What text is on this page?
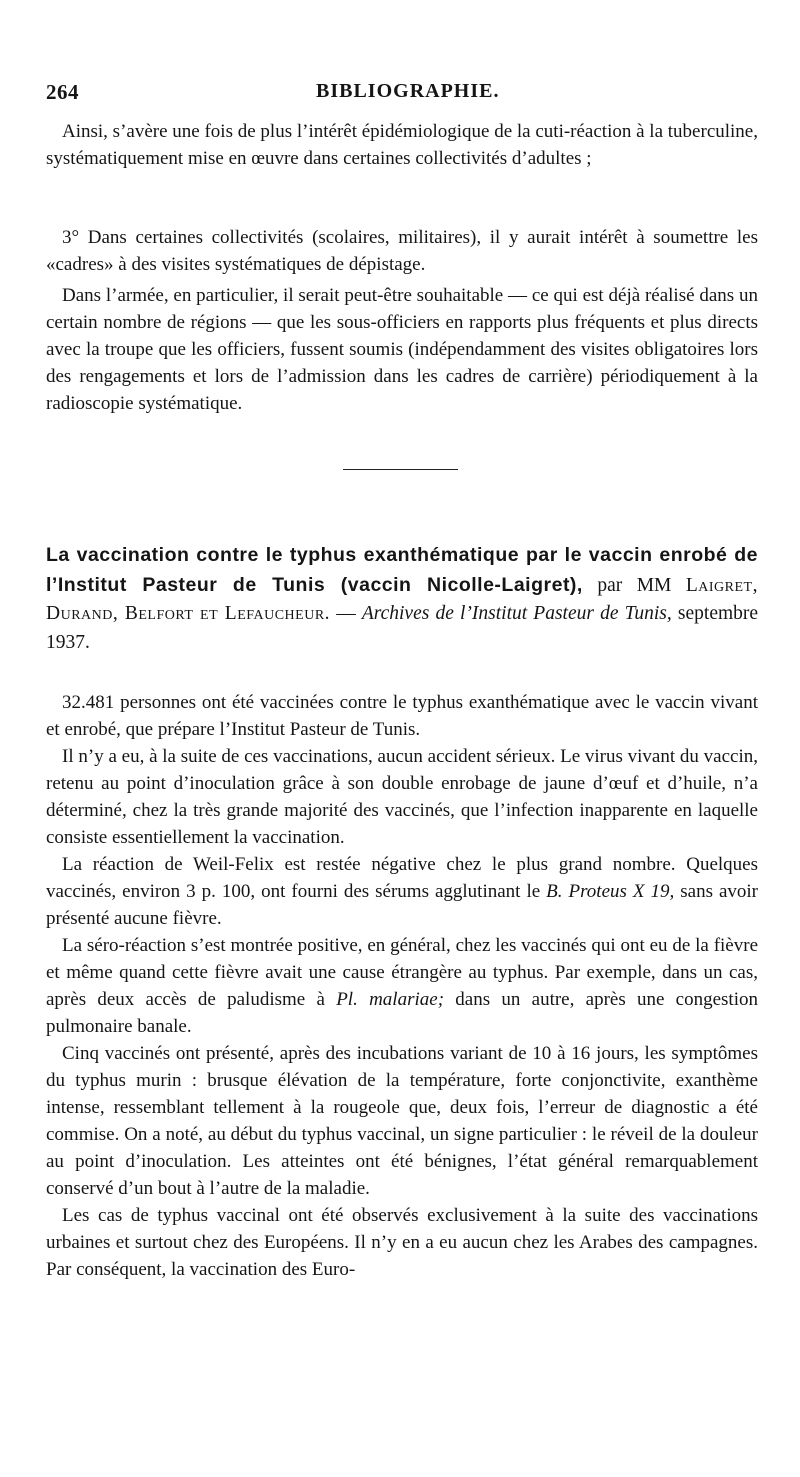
264	BIBLIOGRAPHIE.

Ainsi, s’avère une fois de plus l’intérêt épidémiologique de la cuti-réaction à la tuberculine, systématiquement mise en œuvre dans certaines collectivités d’adultes ;

3° Dans certaines collectivités (scolaires, militaires), il y aurait intérêt à soumettre les «cadres» à des visites systématiques de dépistage.

Dans l’armée, en particulier, il serait peut-être souhaitable — ce qui est déjà réalisé dans un certain nombre de régions — que les sous-officiers en rapports plus fréquents et plus directs avec la troupe que les officiers, fussent soumis (indépendamment des visites obligatoires lors des rengagements et lors de l’admission dans les cadres de carrière) périodiquement à la radioscopie systématique.

La vaccination contre le typhus exanthématique par le vaccin enrobé de l’Institut Pasteur de Tunis (vaccin Nicolle-Laigret), par MM Laigret, Durand, Belfort et Lefaucheur. — Archives de l’Institut Pasteur de Tunis, septembre 1937.

32.481 personnes ont été vaccinées contre le typhus exanthématique avec le vaccin vivant et enrobé, que prépare l’Institut Pasteur de Tunis.

Il n’y a eu, à la suite de ces vaccinations, aucun accident sérieux. Le virus vivant du vaccin, retenu au point d’inoculation grâce à son double enrobage de jaune d’œuf et d’huile, n’a déterminé, chez la très grande majorité des vaccinés, que l’infection inapparente en laquelle consiste essentiellement la vaccination.

La réaction de Weil-Felix est restée négative chez le plus grand nombre. Quelques vaccinés, environ 3 p. 100, ont fourni des sérums agglutinant le B. Proteus X 19, sans avoir présenté aucune fièvre.

La séro-réaction s’est montrée positive, en général, chez les vaccinés qui ont eu de la fièvre et même quand cette fièvre avait une cause étrangère au typhus. Par exemple, dans un cas, après deux accès de paludisme à Pl. malariae; dans un autre, après une congestion pulmonaire banale.

Cinq vaccinés ont présenté, après des incubations variant de 10 à 16 jours, les symptômes du typhus murin : brusque élévation de la température, forte conjonctivite, exanthème intense, ressemblant tellement à la rougeole que, deux fois, l’erreur de diagnostic a été commise. On a noté, au début du typhus vaccinal, un signe particulier : le réveil de la douleur au point d’inoculation. Les atteintes ont été bénignes, l’état général remarquablement conservé d’un bout à l’autre de la maladie.

Les cas de typhus vaccinal ont été observés exclusivement à la suite des vaccinations urbaines et surtout chez des Européens. Il n’y en a eu aucun chez les Arabes des campagnes. Par conséquent, la vaccination des Euro-
